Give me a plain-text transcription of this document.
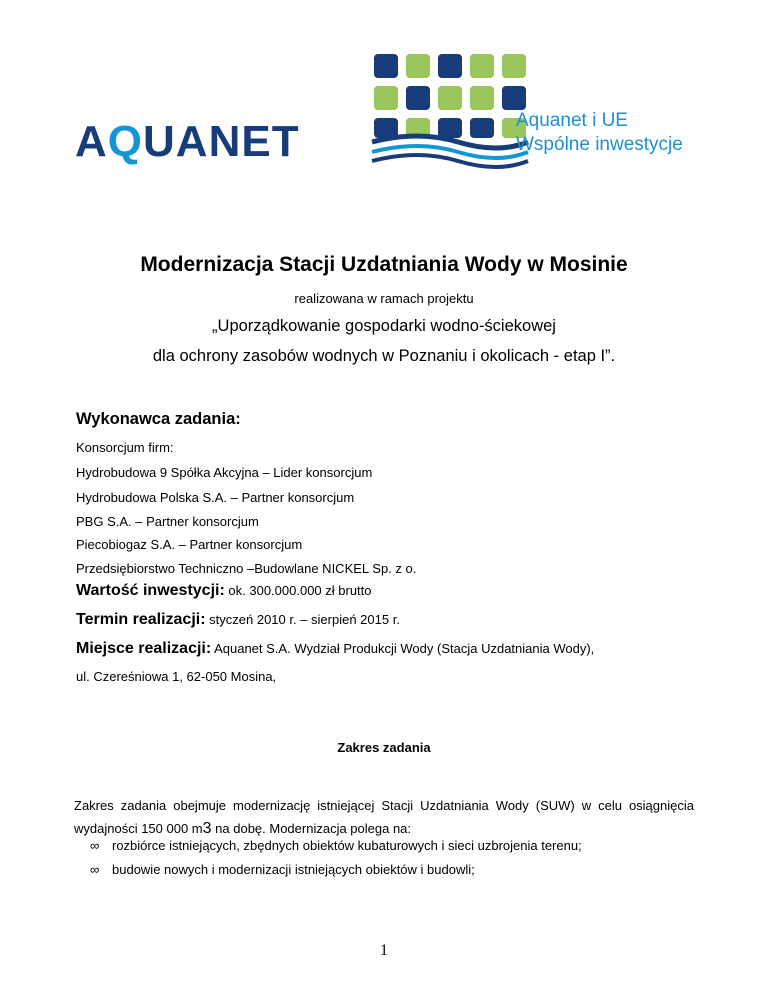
AQUANET	Aquanet i UE
Wspólne inwestycje
Modernizacja Stacji Uzdatniania Wody w Mosinie
realizowana w ramach projektu
„Uporządkowanie gospodarki wodno-ściekowej
dla ochrony zasobów wodnych w Poznaniu i okolicach - etap I”.
Wykonawca zadania:
Konsorcjum firm:
Hydrobudowa 9 Spółka Akcyjna – Lider konsorcjum
Hydrobudowa Polska S.A. – Partner konsorcjum
PBG S.A. – Partner konsorcjum
Piecobiogaz S.A. – Partner konsorcjum
Przedsiębiorstwo Techniczno –Budowlane NICKEL Sp. z o.
Wartość inwestycji: ok. 300.000.000 zł brutto
Termin realizacji: styczeń 2010 r. – sierpień 2015 r.
Miejsce realizacji: Aquanet S.A. Wydział Produkcji Wody (Stacja Uzdatniania Wody),
ul. Czereśniowa 1, 62-050 Mosina,
Zakres zadania
Zakres zadania obejmuje modernizację istniejącej Stacji Uzdatniania Wody (SUW) w celu osiągnięcia
wydajności 150 000 m3 na dobę. Modernizacja polega na:
∞ rozbiórce istniejących, zbędnych obiektów kubaturowych i sieci uzbrojenia terenu;
∞ budowie nowych i modernizacji istniejących obiektów i budowli;
1
